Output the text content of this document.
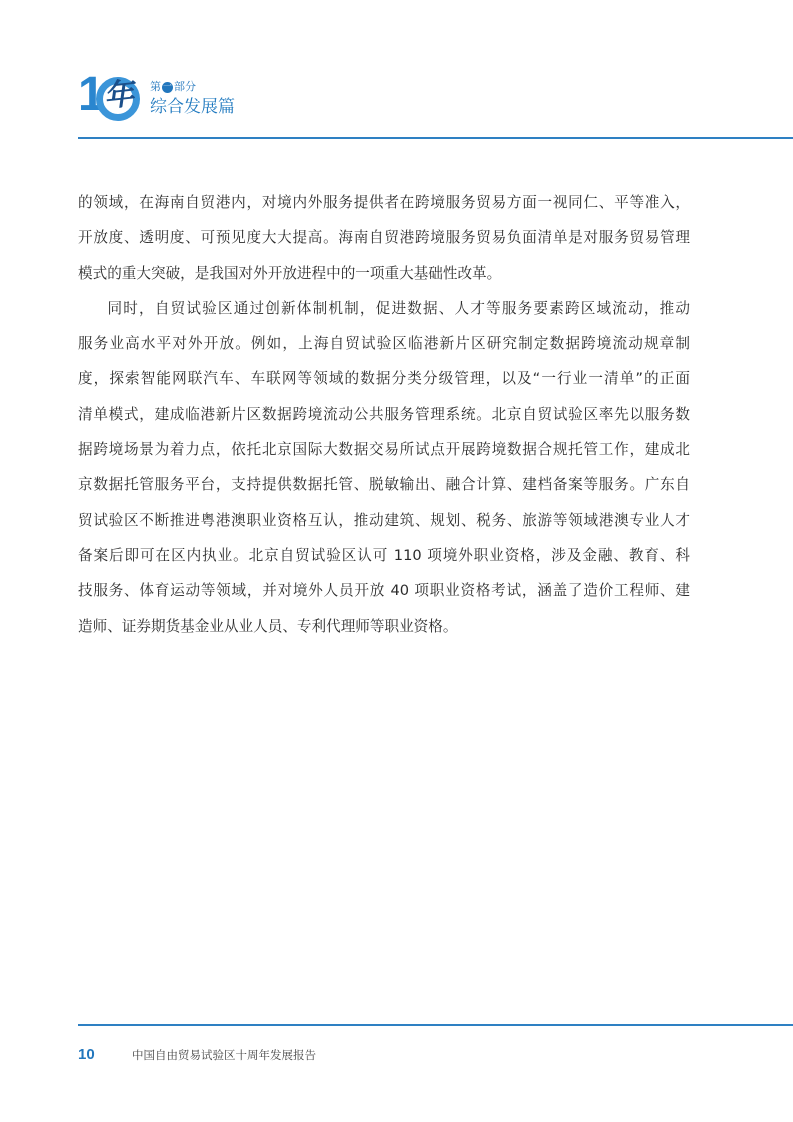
1
年 第 一 部分
综合发展篇
的领域，在海南自贸港内，对境内外服务提供者在跨境服务贸易方面一视同仁、平等准入，
开放度、透明度、可预见度大大提高。海南自贸港跨境服务贸易负面清单是对服务贸易管理
模式的重大突破，是我国对外开放进程中的一项重大基础性改革。
同时，自贸试验区通过创新体制机制，促进数据、人才等服务要素跨区域流动，推动
服务业高水平对外开放。例如，上海自贸试验区临港新片区研究制定数据跨境流动规章制
度，探索智能网联汽车、车联网等领域的数据分类分级管理，以及“一行业一清单”的正面
清单模式，建成临港新片区数据跨境流动公共服务管理系统。北京自贸试验区率先以服务数
据跨境场景为着力点，依托北京国际大数据交易所试点开展跨境数据合规托管工作，建成北
京数据托管服务平台，支持提供数据托管、脱敏输出、融合计算、建档备案等服务。广东自
贸试验区不断推进粤港澳职业资格互认，推动建筑、规划、税务、旅游等领域港澳专业人才
备案后即可在区内执业。北京自贸试验区认可 110 项境外职业资格，涉及金融、教育、科
技服务、体育运动等领域，并对境外人员开放 40 项职业资格考试，涵盖了造价工程师、建
造师、证券期货基金业从业人员、专利代理师等职业资格。
10	中国自由贸易试验区十周年发展报告
